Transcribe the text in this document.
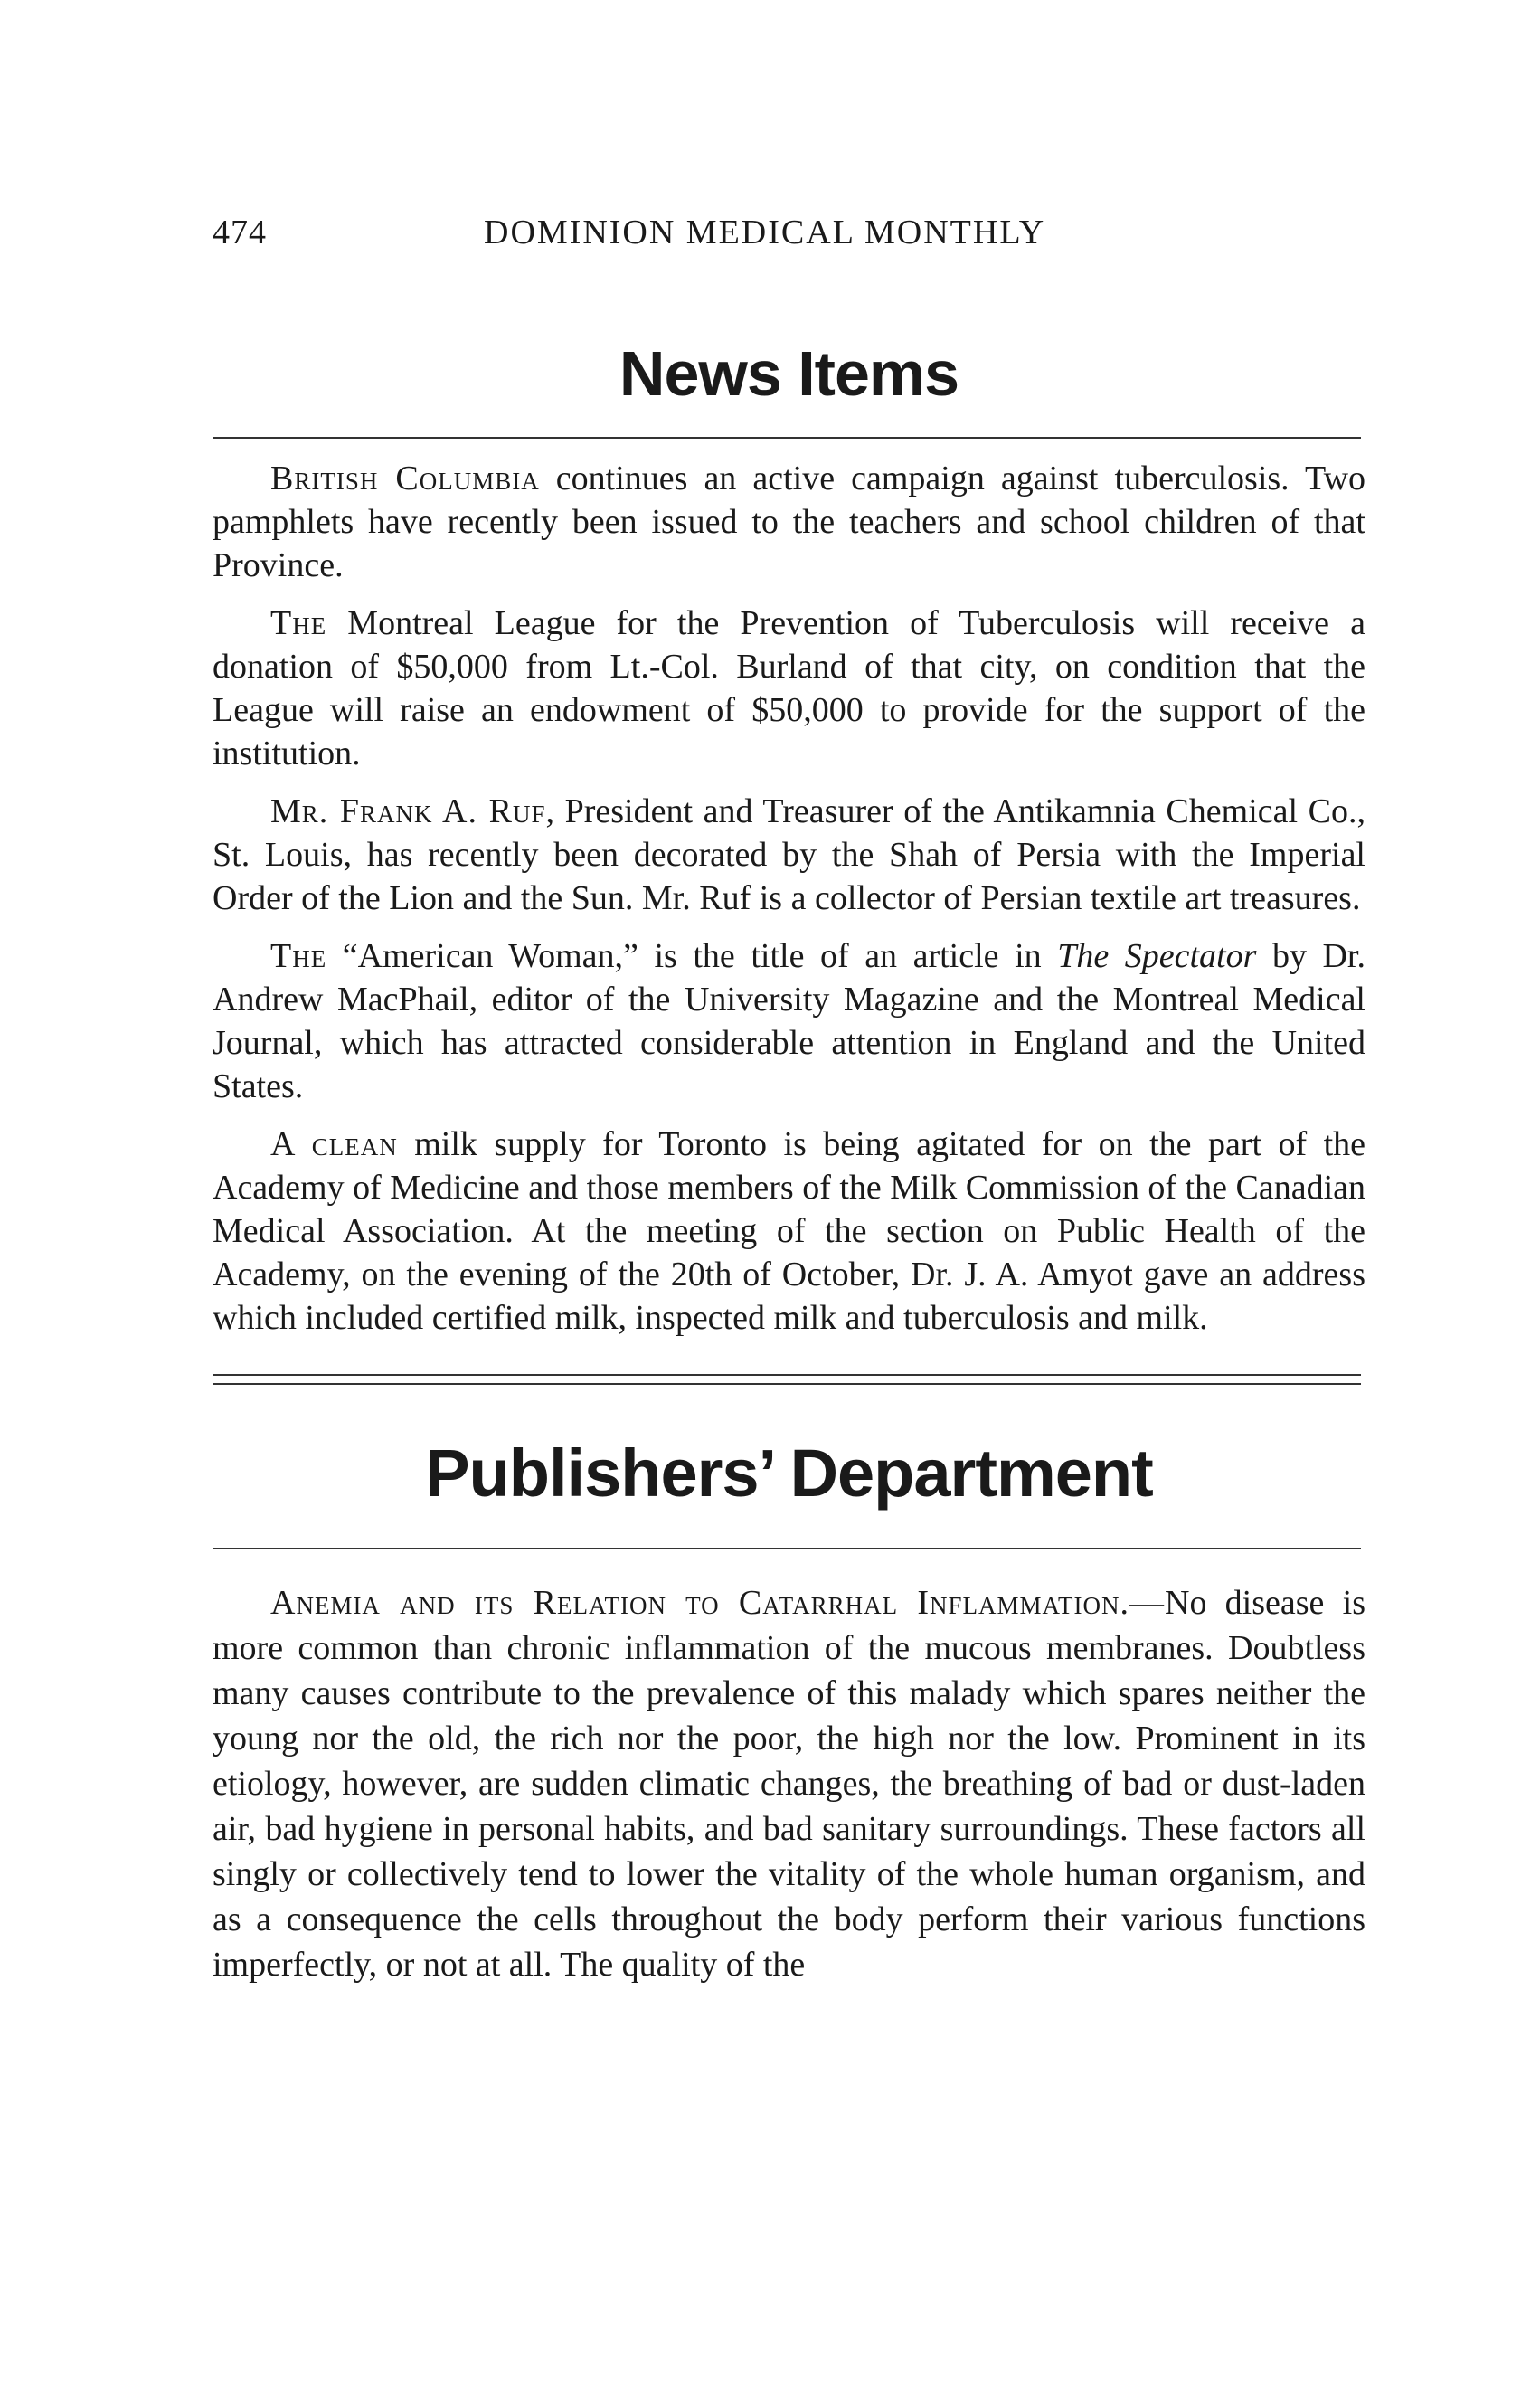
474	DOMINION MEDICAL MONTHLY
News Items

British Columbia continues an active campaign against tuberculosis. Two pamphlets have recently been issued to the teachers and school children of that Province.

The Montreal League for the Prevention of Tuberculosis will receive a donation of $50,000 from Lt.-Col. Burland of that city, on condition that the League will raise an endowment of $50,000 to provide for the support of the institution.

Mr. Frank A. Ruf, President and Treasurer of the Antikamnia Chemical Co., St. Louis, has recently been decorated by the Shah of Persia with the Imperial Order of the Lion and the Sun. Mr. Ruf is a collector of Persian textile art treasures.

The “American Woman,” is the title of an article in The Spectator by Dr. Andrew MacPhail, editor of the University Magazine and the Montreal Medical Journal, which has attracted considerable attention in England and the United States.

A clean milk supply for Toronto is being agitated for on the part of the Academy of Medicine and those members of the Milk Commission of the Canadian Medical Association. At the meeting of the section on Public Health of the Academy, on the evening of the 20th of October, Dr. J. A. Amyot gave an address which included certified milk, inspected milk and tuberculosis and milk.

Publishers’ Department

Anemia and its Relation to Catarrhal Inflammation.—No disease is more common than chronic inflammation of the mucous membranes. Doubtless many causes contribute to the prevalence of this malady which spares neither the young nor the old, the rich nor the poor, the high nor the low. Prominent in its etiology, however, are sudden climatic changes, the breathing of bad or dust-laden air, bad hygiene in personal habits, and bad sanitary surroundings. These factors all singly or collectively tend to lower the vitality of the whole human organism, and as a consequence the cells throughout the body perform their various functions imperfectly, or not at all. The quality of the
